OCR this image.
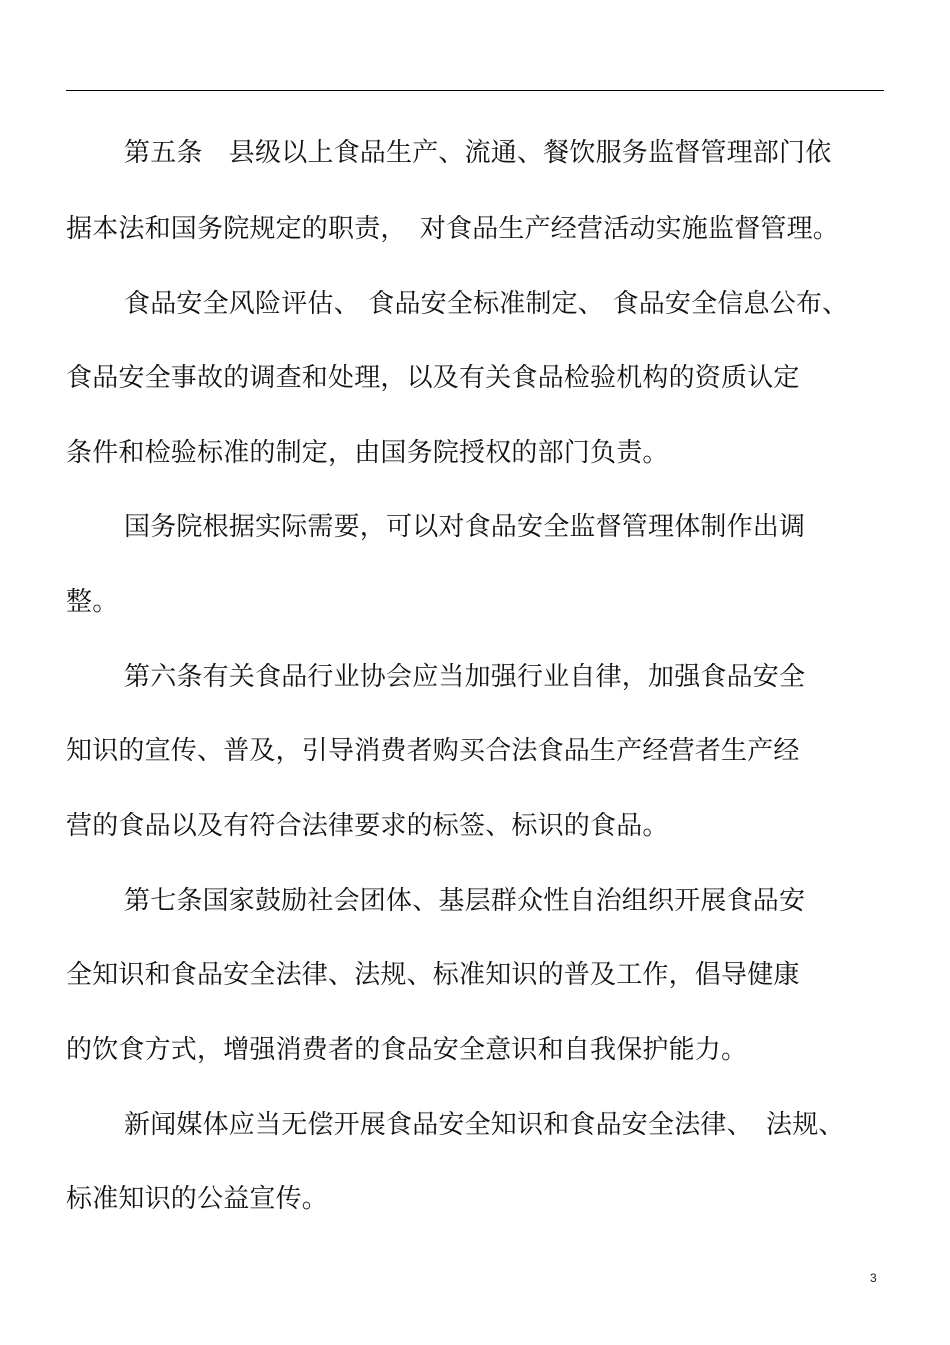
第五条　县级以上食品生产、流通、餐饮服务监督管理部门依
据本法和国务院规定的职责，　对食品生产经营活动实施监督管理。
食品安全风险评估、 食品安全标准制定、 食品安全信息公布、
食品安全事故的调查和处理，以及有关食品检验机构的资质认定
条件和检验标准的制定，由国务院授权的部门负责。
国务院根据实际需要，可以对食品安全监督管理体制作出调
整。
第六条有关食品行业协会应当加强行业自律，加强食品安全
知识的宣传、普及，引导消费者购买合法食品生产经营者生产经
营的食品以及有符合法律要求的标签、标识的食品。
第七条国家鼓励社会团体、基层群众性自治组织开展食品安
全知识和食品安全法律、法规、标准知识的普及工作，倡导健康
的饮食方式，增强消费者的食品安全意识和自我保护能力。
新闻媒体应当无偿开展食品安全知识和食品安全法律、　法规、
标准知识的公益宣传。
3
